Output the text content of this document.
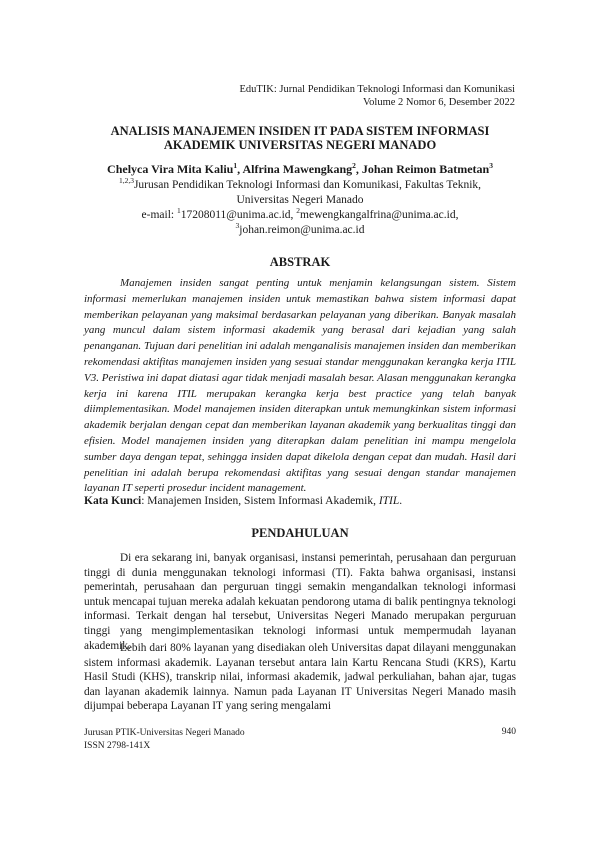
EduTIK: Jurnal Pendidikan Teknologi Informasi dan Komunikasi
Volume 2 Nomor 6, Desember 2022
ANALISIS MANAJEMEN INSIDEN IT PADA SISTEM INFORMASI
AKADEMIK UNIVERSITAS NEGERI MANADO
Chelyca Vira Mita Kaliu$^1$, Alfrina Mawengkang$^2$, Johan Reimon Batmetan$^3$
$^{1,2,3}$Jurusan Pendidikan Teknologi Informasi dan Komunikasi, Fakultas Teknik,
Universitas Negeri Manado
e-mail: $^1$17208011@unima.ac.id, $^2$mewengkangalfrina@unima.ac.id,
$^3$johan.reimon@unima.ac.id
ABSTRAK

Manajemen insiden sangat penting untuk menjamin kelangsungan sistem. Sistem informasi memerlukan manajemen insiden untuk memastikan bahwa sistem informasi dapat memberikan pelayanan yang maksimal berdasarkan pelayanan yang diberikan. Banyak masalah yang muncul dalam sistem informasi akademik yang berasal dari kejadian yang salah penanganan. Tujuan dari penelitian ini adalah menganalisis manajemen insiden dan memberikan rekomendasi aktifitas manajemen insiden yang sesuai standar menggunakan kerangka kerja ITIL V3. Peristiwa ini dapat diatasi agar tidak menjadi masalah besar. Alasan menggunakan kerangka kerja ini karena ITIL merupakan kerangka kerja best practice yang telah banyak diimplementasikan. Model manajemen insiden diterapkan untuk memungkinkan sistem informasi akademik berjalan dengan cepat dan memberikan layanan akademik yang berkualitas tinggi dan efisien. Model manajemen insiden yang diterapkan dalam penelitian ini mampu mengelola sumber daya dengan tepat, sehingga insiden dapat dikelola dengan cepat dan mudah. Hasil dari penelitian ini adalah berupa rekomendasi aktifitas yang sesuai dengan standar manajemen layanan IT seperti prosedur incident management.

Kata Kunci: Manajemen Insiden, Sistem Informasi Akademik, ITIL.
PENDAHULUAN

Di era sekarang ini, banyak organisasi, instansi pemerintah, perusahaan dan perguruan tinggi di dunia menggunakan teknologi informasi (TI). Fakta bahwa organisasi, instansi pemerintah, perusahaan dan perguruan tinggi semakin mengandalkan teknologi informasi untuk mencapai tujuan mereka adalah kekuatan pendorong utama di balik pentingnya teknologi informasi. Terkait dengan hal tersebut, Universitas Negeri Manado merupakan perguruan tinggi yang mengimplementasikan teknologi informasi untuk mempermudah layanan akademik.

Lebih dari 80% layanan yang disediakan oleh Universitas dapat dilayani menggunakan sistem informasi akademik. Layanan tersebut antara lain Kartu Rencana Studi (KRS), Kartu Hasil Studi (KHS), transkrip nilai, informasi akademik, jadwal perkuliahan, bahan ajar, tugas dan layanan akademik lainnya. Namun pada Layanan IT Universitas Negeri Manado masih dijumpai beberapa Layanan IT yang sering mengalami

Jurusan PTIK-Universitas Negeri Manado
ISSN 2798-141X
940
